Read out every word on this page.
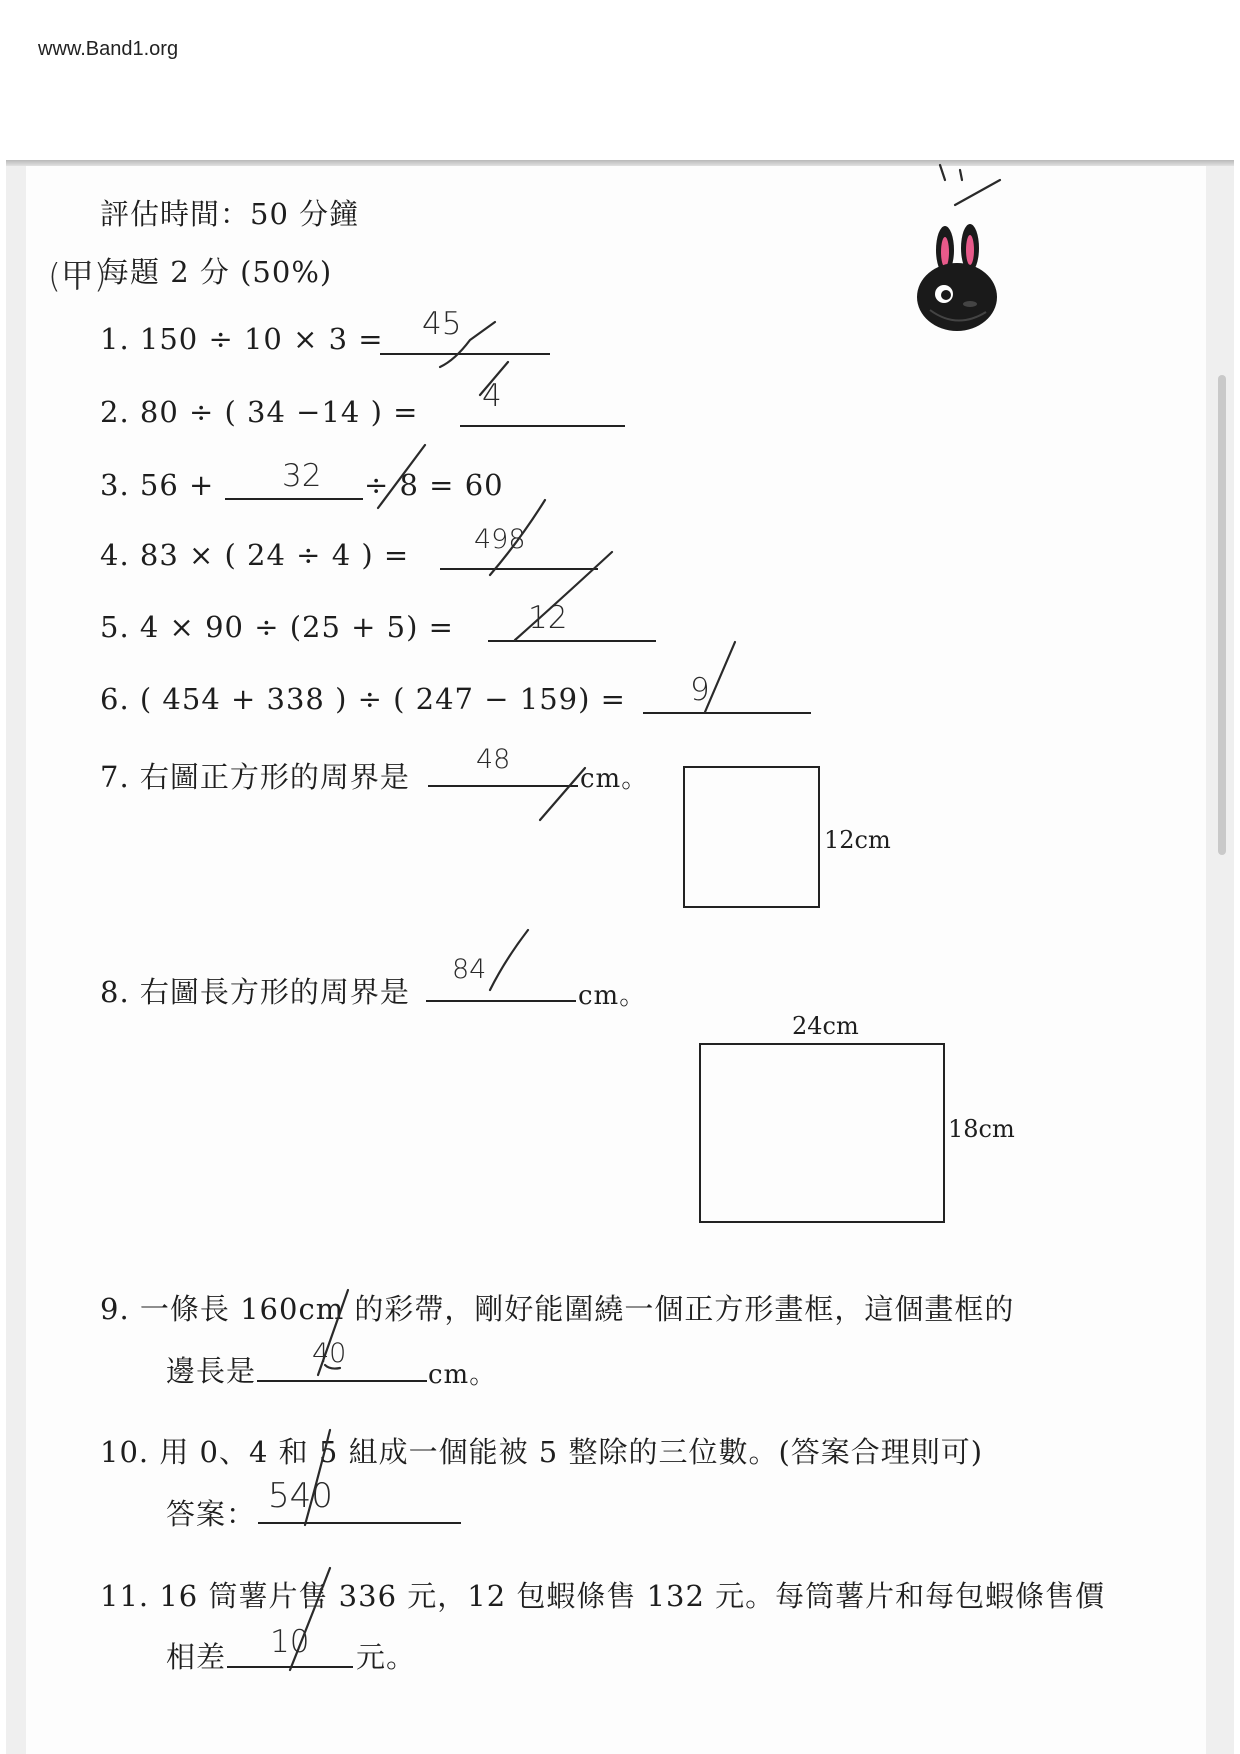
www.Band1.org
評估時間：50 分鐘
(甲)
每題 2 分 (50%)
1. 150 ÷ 10 × 3 = 45
2. 80 ÷ ( 34 −14 ) = 4
3. 56 + 32 ÷ 8 = 60
4. 83 × ( 24 ÷ 4 ) = 498
5. 4 × 90 ÷ (25 + 5) = 12
6. ( 454 + 338 ) ÷ ( 247 − 159) = 9
7. 右圖正方形的周界是
48
cm。
12cm
8. 右圖長方形的周界是
84
cm。
24cm
18cm
9. 一條長 160cm 的彩帶，剛好能圍繞一個正方形畫框，這個畫框的
邊長是
40
cm。
10. 用 0、4 和 5 組成一個能被 5 整除的三位數。(答案合理則可)
答案： 540
11. 16 筒薯片售 336 元，12 包蝦條售 132 元。每筒薯片和每包蝦條售價
相差 10 元。
